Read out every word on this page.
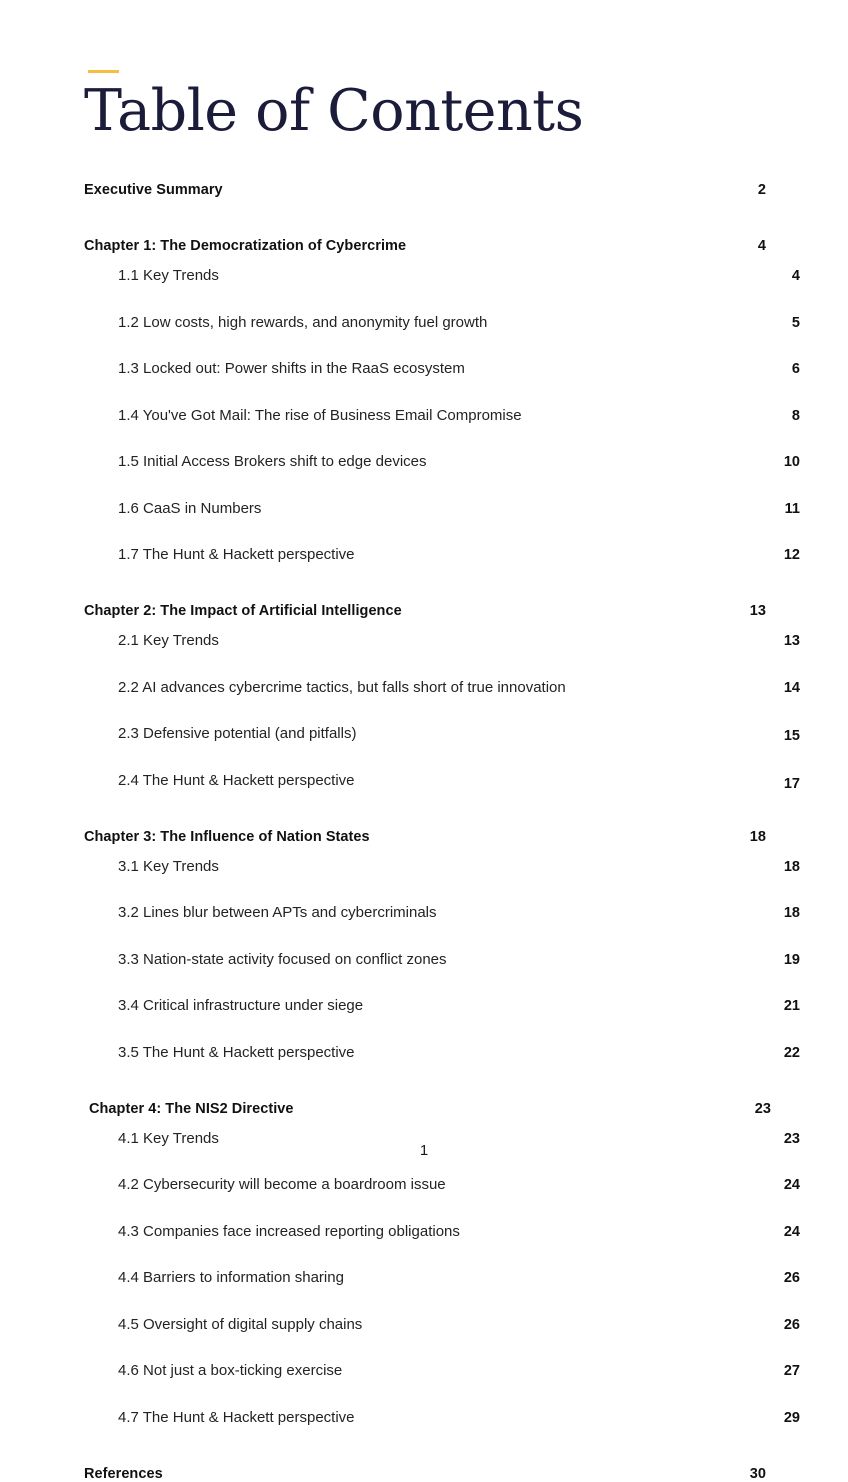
Table of Contents
Executive Summary	2
Chapter 1: The Democratization of Cybercrime	4
1.1 Key Trends	4
1.2 Low costs, high rewards, and anonymity fuel growth	5
1.3 Locked out: Power shifts in the RaaS ecosystem	6
1.4 You've Got Mail: The rise of Business Email Compromise	8
1.5 Initial Access Brokers shift to edge devices	10
1.6 CaaS in Numbers	11
1.7 The Hunt & Hackett perspective	12
Chapter 2: The Impact of Artificial Intelligence	13
2.1 Key Trends	13
2.2 AI advances cybercrime tactics, but falls short of true innovation	14
2.3 Defensive potential (and pitfalls)	15
2.4 The Hunt & Hackett perspective	17
Chapter 3: The Influence of Nation States	18
3.1 Key Trends	18
3.2 Lines blur between APTs and cybercriminals	18
3.3 Nation-state activity focused on conflict zones	19
3.4 Critical infrastructure under siege	21
3.5 The Hunt & Hackett perspective	22
Chapter 4: The NIS2 Directive	23
4.1 Key Trends	23
4.2 Cybersecurity will become a boardroom issue	24
4.3 Companies face increased reporting obligations	24
4.4 Barriers to information sharing	26
4.5 Oversight of digital supply chains	26
4.6 Not just a box-ticking exercise	27
4.7 The Hunt & Hackett perspective	29
References	30
1
